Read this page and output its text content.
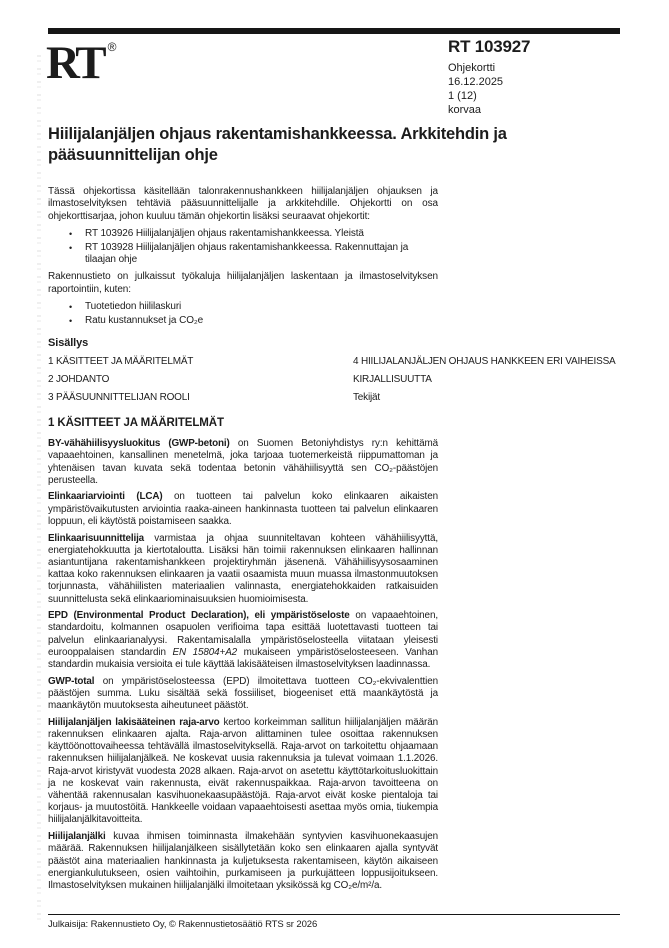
RT ®	RT 103927
Ohjekortti
16.12.2025
1 (12)
korvaa
Hiilijalanjäljen ohjaus rakentamishankkeessa. Arkkitehdin ja pääsuunnittelijan ohje

Tässä ohjekortissa käsitellään talonrakennushankkeen hiilijalanjäljen ohjauksen ja ilmastoselvityksen tehtäviä pääsuunnittelijalle ja arkkitehdille. Ohjekortti on osa ohjekorttisarjaa, johon kuuluu tämän ohjekortin lisäksi seuraavat ohjekortit:

• RT 103926 Hiilijalanjäljen ohjaus rakentamishankkeessa. Yleistä
• RT 103928 Hiilijalanjäljen ohjaus rakentamishankkeessa. Rakennuttajan ja tilaajan ohje

Rakennustieto on julkaissut työkaluja hiilijalanjäljen laskentaan ja ilmastoselvityksen raportointiin, kuten:

• Tuotetiedon hiililaskuri
• Ratu kustannukset ja CO₂e
Sisällys
1 KÄSITTEET JA MÄÄRITELMÄT	4 HIILIJALANJÄLJEN OHJAUS HANKKEEN ERI VAIHEISSA
2 JOHDANTO	KIRJALLISUUTTA
3 PÄÄSUUNNITTELIJAN ROOLI	Tekijät
1 KÄSITTEET JA MÄÄRITELMÄT

BY-vähähiilisyysluokitus (GWP-betoni) on Suomen Betoniyhdistys ry:n kehittämä vapaaehtoinen, kansallinen menetelmä, joka tarjoaa tuotemerkeistä riippumattoman ja yhtenäisen tavan kuvata sekä todentaa betonin vähähiilisyyttä sen CO₂-päästöjen perusteella.

Elinkaariarviointi (LCA) on tuotteen tai palvelun koko elinkaaren aikaisten ympäristövaikutusten arviointia raaka-aineen hankinnasta tuotteen tai palvelun elinkaaren loppuun, eli käytöstä poistamiseen saakka.

Elinkaarisuunnittelija varmistaa ja ohjaa suunniteltavan kohteen vähähiilisyyttä, energiatehokkuutta ja kiertotaloutta. Lisäksi hän toimii rakennuksen elinkaaren hallinnan asiantuntijana rakentamishankkeen projektiryhmän jäsenenä. Vähähiilisyysosaaminen kattaa koko rakennuksen elinkaaren ja vaatii osaamista muun muassa ilmastonmuutoksen torjunnasta, vähähiilisten materiaalien valinnasta, energiatehokkaiden ratkaisuiden suunnittelusta sekä elinkaariominaisuuksien huomioimisesta.

EPD (Environmental Product Declaration), eli ympäristöseloste on vapaaehtoinen, standardoitu, kolmannen osapuolen verifioima tapa esittää luotettavasti tuotteen tai palvelun elinkaarianalyysi. Rakentamisalalla ympäristöselosteella viitataan yleisesti eurooppalaisen standardin EN 15804+A2 mukaiseen ympäristöselosteeseen. Vanhan standardin mukaisia versioita ei tule käyttää lakisääteisen ilmastoselvityksen laadinnassa.

GWP-total on ympäristöselosteessa (EPD) ilmoitettava tuotteen CO₂-ekvivalenttien päästöjen summa. Luku sisältää sekä fossiiliset, biogeeniset että maankäytöstä ja maankäytön muutoksesta aiheutuneet päästöt.

Hiilijalanjäljen lakisääteinen raja-arvo kertoo korkeimman sallitun hiilijalanjäljen määrän rakennuksen elinkaaren ajalta. Raja-arvon alittaminen tulee osoittaa rakennuksen käyttöönottovaiheessa tehtävällä ilmastoselvityksellä. Raja-arvot on tarkoitettu ohjaamaan rakennuksen hiilijalanjälkeä. Ne koskevat uusia rakennuksia ja tulevat voimaan 1.1.2026. Raja-arvot kiristyvät vuodesta 2028 alkaen. Raja-arvot on asetettu käyttötarkoitusluokittain ja ne koskevat vain rakennusta, eivät rakennuspaikkaa. Raja-arvon tavoitteena on vähentää rakennusalan kasvihuonekaasupäästöjä. Raja-arvot eivät koske pientaloja tai korjaus- ja muutostöitä. Hankkeelle voidaan vapaaehtoisesti asettaa myös omia, tiukempia hiilijalanjälkitavoitteita.

Hiilijalanjälki kuvaa ihmisen toiminnasta ilmakehään syntyvien kasvihuonekaasujen määrää. Rakennuksen hiilijalanjälkeen sisällytetään koko sen elinkaaren ajalla syntyvät päästöt aina materiaalien hankinnasta ja kuljetuksesta rakentamiseen, käytön aikaiseen energiankulutukseen, osien vaihtoihin, purkamiseen ja purkujätteen loppusijoitukseen. Ilmastoselvityksen mukainen hiilijalanjälki ilmoitetaan yksikössä kg CO₂e/m²/a.

Julkaisija: Rakennustieto Oy, © Rakennustietosäätiö RTS sr 2026
